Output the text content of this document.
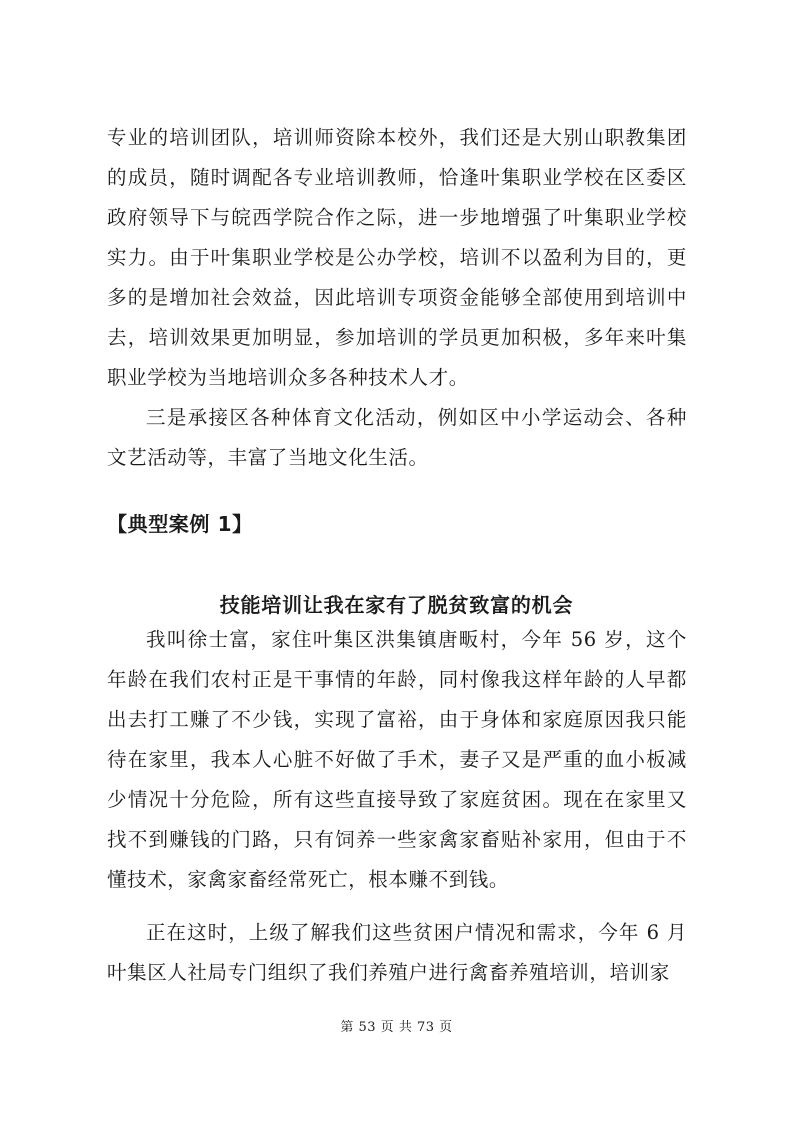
专业的培训团队，培训师资除本校外，我们还是大别山职教集团的成员，随时调配各专业培训教师，恰逢叶集职业学校在区委区政府领导下与皖西学院合作之际，进一步地增强了叶集职业学校实力。由于叶集职业学校是公办学校，培训不以盈利为目的，更多的是增加社会效益，因此培训专项资金能够全部使用到培训中去，培训效果更加明显，参加培训的学员更加积极，多年来叶集职业学校为当地培训众多各种技术人才。

三是承接区各种体育文化活动，例如区中小学运动会、各种文艺活动等，丰富了当地文化生活。

【典型案例 1】

技能培训让我在家有了脱贫致富的机会

我叫徐士富，家住叶集区洪集镇唐畈村，今年 56 岁，这个年龄在我们农村正是干事情的年龄，同村像我这样年龄的人早都出去打工赚了不少钱，实现了富裕，由于身体和家庭原因我只能待在家里，我本人心脏不好做了手术，妻子又是严重的血小板减少情况十分危险，所有这些直接导致了家庭贫困。现在在家里又找不到赚钱的门路，只有饲养一些家禽家畜贴补家用，但由于不懂技术，家禽家畜经常死亡，根本赚不到钱。

正在这时，上级了解我们这些贫困户情况和需求，今年 6 月叶集区人社局专门组织了我们养殖户进行禽畜养殖培训，培训家

第 53 页 共 73 页
